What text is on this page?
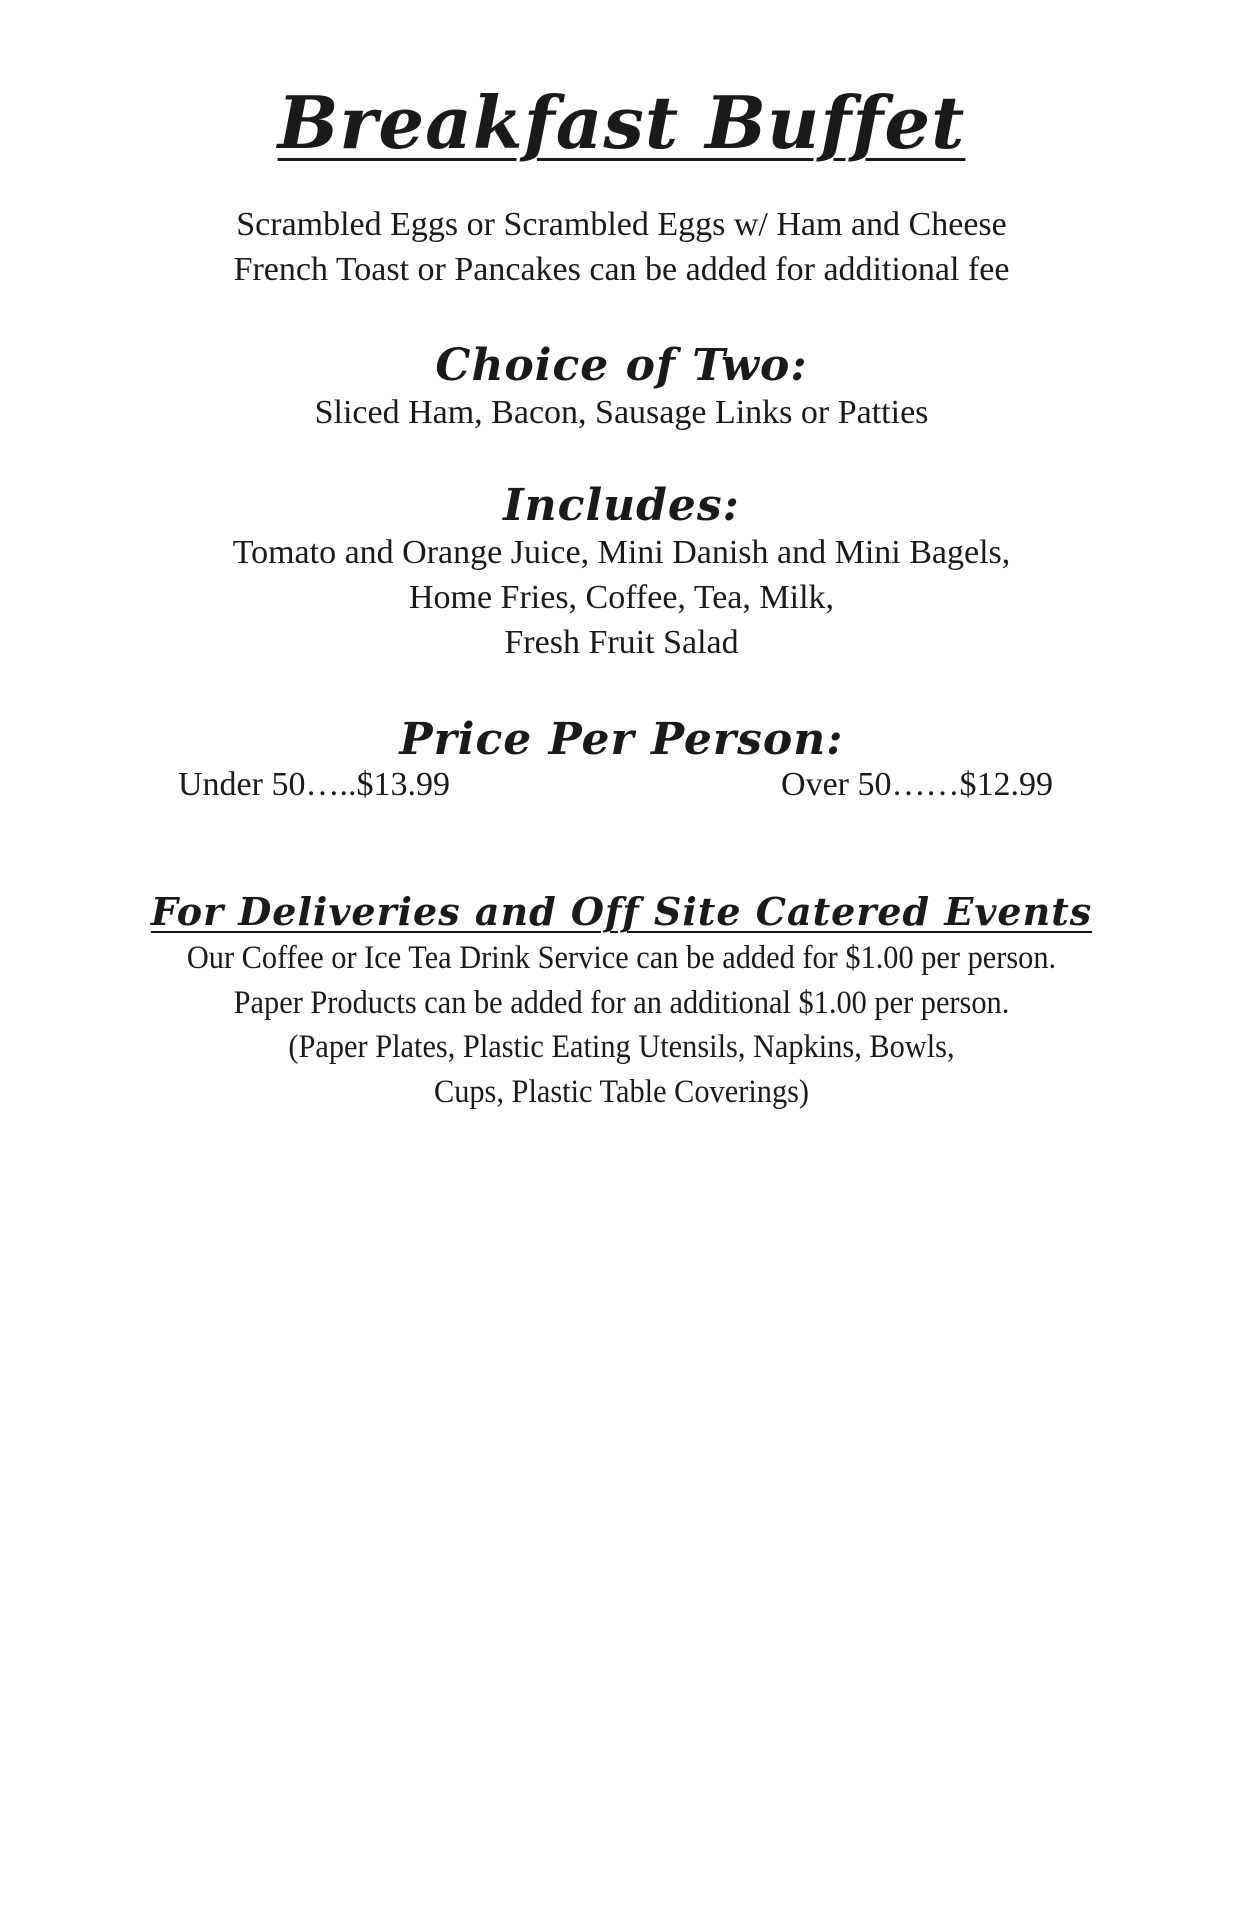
Breakfast Buffet

Scrambled Eggs or Scrambled Eggs w/ Ham and Cheese

French Toast or Pancakes can be added for additional fee

Choice of Two:

Sliced Ham, Bacon, Sausage Links or Patties

Includes:

Tomato and Orange Juice, Mini Danish and Mini Bagels,

Home Fries, Coffee, Tea, Milk,

Fresh Fruit Salad

Price Per Person:
Under 50…..$13.99	Over 50……$12.99
For Deliveries and Off Site Catered Events

Our Coffee or Ice Tea Drink Service can be added for $1.00 per person.

Paper Products can be added for an additional $1.00 per person.

(Paper Plates, Plastic Eating Utensils, Napkins, Bowls,

Cups, Plastic Table Coverings)
